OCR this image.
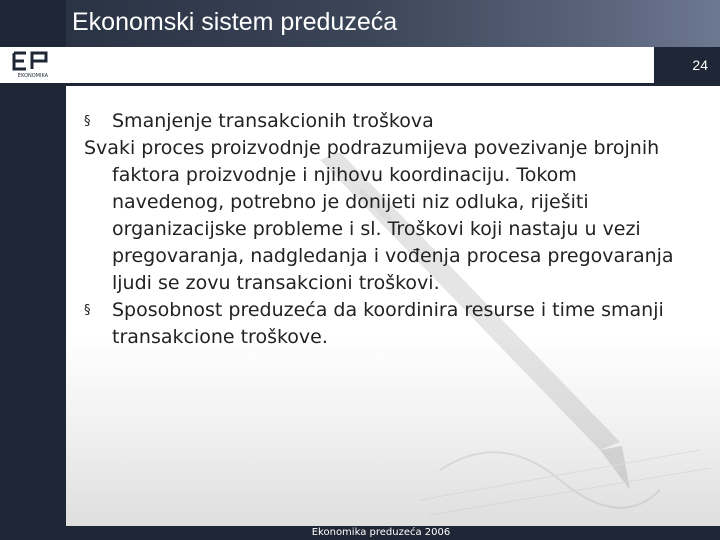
EKONOMIKA
Ekonomski sistem preduzeća
24

§ Smanjenje transakcionih troškova

Svaki proces proizvodnje podrazumijeva povezivanje brojnih faktora proizvodnje i njihovu koordinaciju. Tokom navedenog, potrebno je donijeti niz odluka, riješiti organizacijske probleme i sl. Troškovi koji nastaju u vezi pregovaranja, nadgledanja i vođenja procesa pregovaranja ljudi se zovu transakcioni troškovi.

§ Sposobnost preduzeća da koordinira resurse i time smanji transakcione troškove.

Ekonomika preduzeća 2006
